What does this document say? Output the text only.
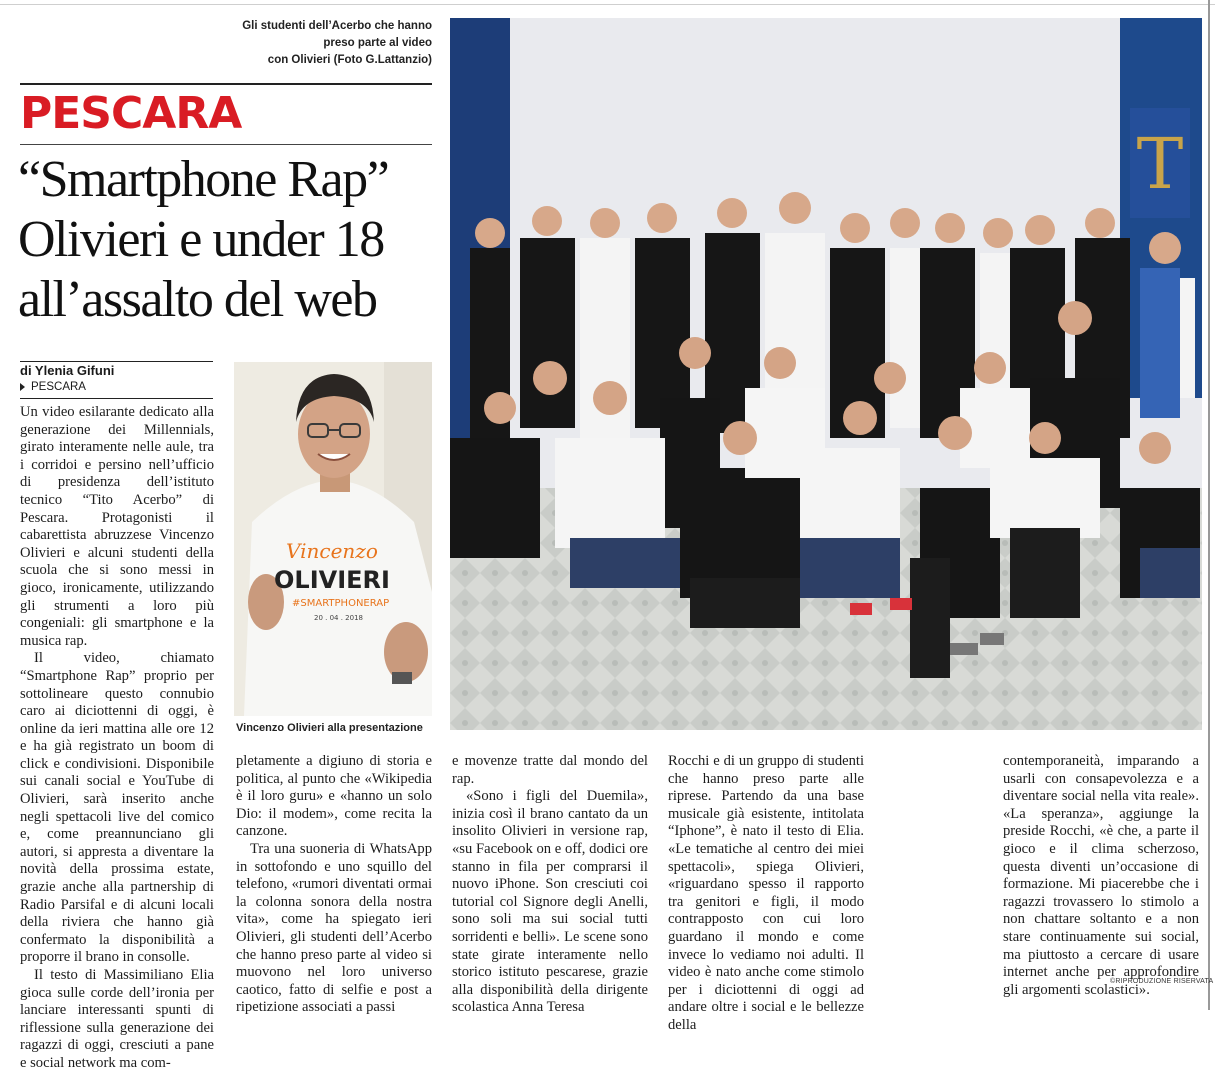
Gli studenti dell’Acerbo che hanno
preso parte al video
con Olivieri (Foto G.Lattanzio)
PESCARA
“Smartphone Rap”
Olivieri e under 18
all’assalto del web
di Ylenia Gifuni
PESCARA

Un video esilarante dedicato alla generazione dei Millennials, girato interamente nelle aule, tra i corridoi e persino nell’ufficio di presidenza dell’istituto tecnico “Tito Acerbo” di Pescara. Protagonisti il cabarettista abruzzese Vincenzo Olivieri e alcuni studenti della scuola che si sono messi in gioco, ironicamente, utilizzando gli strumenti a loro più congeniali: gli smartphone e la musica rap.

Il video, chiamato “Smartphone Rap” proprio per sottolineare questo connubio caro ai diciottenni di oggi, è online da ieri mattina alle ore 12 e ha già registrato un boom di click e condivisioni. Disponibile sui canali social e YouTube di Olivieri, sarà inserito anche negli spettacoli live del comico e, come preannunciano gli autori, si appresta a diventare la novità della prossima estate, grazie anche alla partnership di Radio Parsifal e di alcuni locali della riviera che hanno già confermato la disponibilità a proporre il brano in consolle.

Il testo di Massimiliano Elia gioca sulle corde dell’ironia per lanciare interessanti spunti di riflessione sulla generazione dei ragazzi di oggi, cresciuti a pane e social network ma com-

Vincenzo
OLIVIERI
#SMARTPHONERAP
20 . 04 . 2018
Vincenzo Olivieri alla presentazione
T

pletamente a digiuno di storia e politica, al punto che «Wikipedia è il loro guru» e «hanno un solo Dio: il modem», come recita la canzone.

Tra una suoneria di WhatsApp in sottofondo e uno squillo del telefono, «rumori diventati ormai la colonna sonora della nostra vita», come ha spiegato ieri Olivieri, gli studenti dell’Acerbo che hanno preso parte al video si muovono nel loro universo caotico, fatto di selfie e post a ripetizione associati a passi

e movenze tratte dal mondo del rap.

«Sono i figli del Duemila», inizia così il brano cantato da un insolito Olivieri in versione rap, «su Facebook on e off, dodici ore stanno in fila per comprarsi il nuovo iPhone. Son cresciuti coi tutorial col Signore degli Anelli, sono soli ma sui social tutti sorridenti e belli». Le scene sono state girate interamente nello storico istituto pescarese, grazie alla disponibilità della dirigente scolastica Anna Teresa

Rocchi e di un gruppo di studenti che hanno preso parte alle riprese. Partendo da una base musicale già esistente, intitolata “Iphone”, è nato il testo di Elia. «Le tematiche al centro dei miei spettacoli», spiega Olivieri, «riguardano spesso il rapporto tra genitori e figli, il modo contrapposto con cui loro guardano il mondo e come invece lo vediamo noi adulti. Il video è nato anche come stimolo per i diciottenni di oggi ad andare oltre i social e le bellezze della

contemporaneità, imparando a usarli con consapevolezza e a diventare social nella vita reale». «La speranza», aggiunge la preside Rocchi, «è che, a parte il gioco e il clima scherzoso, questa diventi un’occasione di formazione. Mi piacerebbe che i ragazzi trovassero lo stimolo a non chattare soltanto e a non stare continuamente sui social, ma piuttosto a cercare di usare internet anche per approfondire gli argomenti scolastici».

©RIPRODUZIONE RISERVATA
